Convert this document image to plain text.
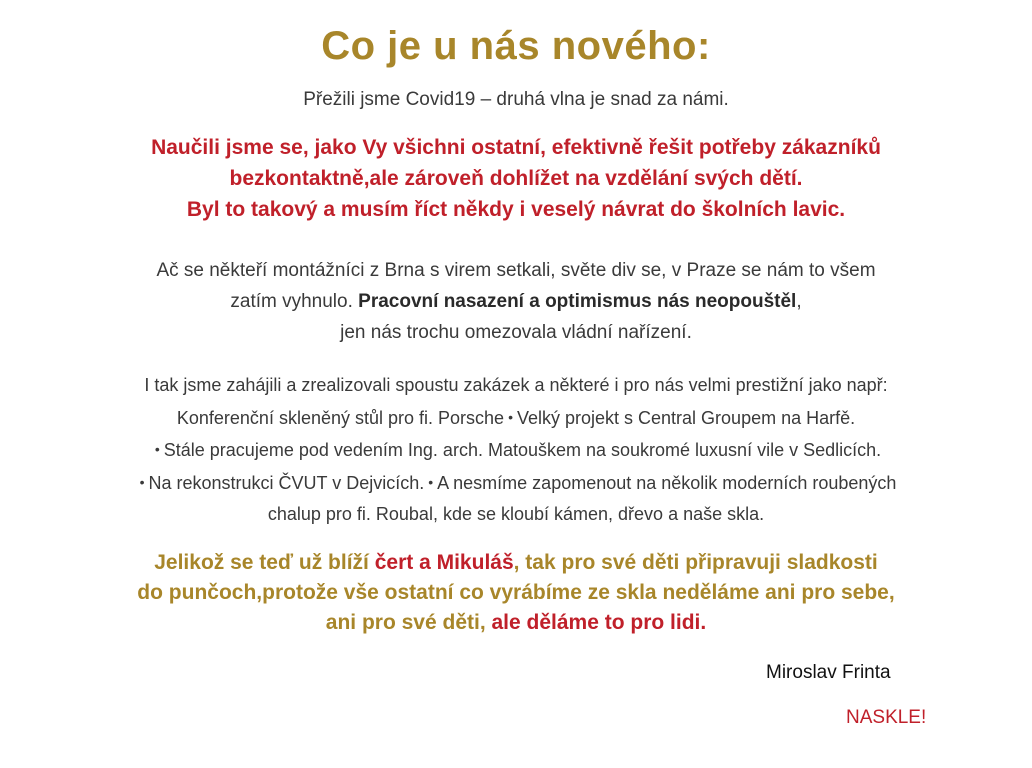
Co je u nás nového:
Přežili jsme Covid19 – druhá vlna je snad za námi.
Naučili jsme se, jako Vy všichni ostatní, efektivně řešit potřeby zákazníků
bezkontaktně,ale zároveň dohlížet na vzdělání svých dětí.
Byl to takový a musím říct někdy i veselý návrat do školních lavic.
Ač se někteří montážníci z Brna s virem setkali, světe div se, v Praze se nám to všem
zatím vyhnulo. Pracovní nasazení a optimismus nás neopouštěl,
jen nás trochu omezovala vládní nařízení.
I tak jsme zahájili a zrealizovali spoustu zakázek a některé i pro nás velmi prestižní jako např:
Konferenční skleněný stůl pro fi. Porsche • Velký projekt s Central Groupem na Harfě.
• Stále pracujeme pod vedením Ing. arch. Matouškem na soukromé luxusní vile v Sedlicích.
• Na rekonstrukci ČVUT v Dejvicích. • A nesmíme zapomenout na několik moderních roubených
chalup pro fi. Roubal, kde se kloubí kámen, dřevo a naše skla.
Jelikož se teď už blíží čert a Mikuláš, tak pro své děti připravuji sladkosti
do punčoch,protože vše ostatní co vyrábíme ze skla neděláme ani pro sebe,
ani pro své děti, ale děláme to pro lidi.
Miroslav Frinta
NASKLE!
